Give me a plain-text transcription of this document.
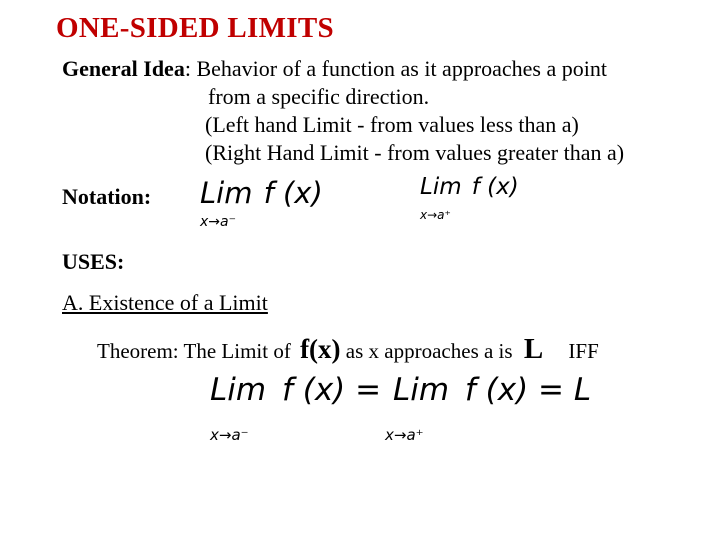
ONE-SIDED LIMITS
General Idea: Behavior of a function as it approaches a point
from a specific direction.
(Left hand Limit - from values less than a)
(Right Hand Limit - from values greater than a)
Notation: Lim f (x)
x→a⁻
Lim f (x)
x→a⁺
USES:
A. Existence of a Limit
Theorem: The Limit of f(x) as x approaches a is L IFF
Lim f (x) = Lim f (x) = L
x→a⁻	x→a⁺
